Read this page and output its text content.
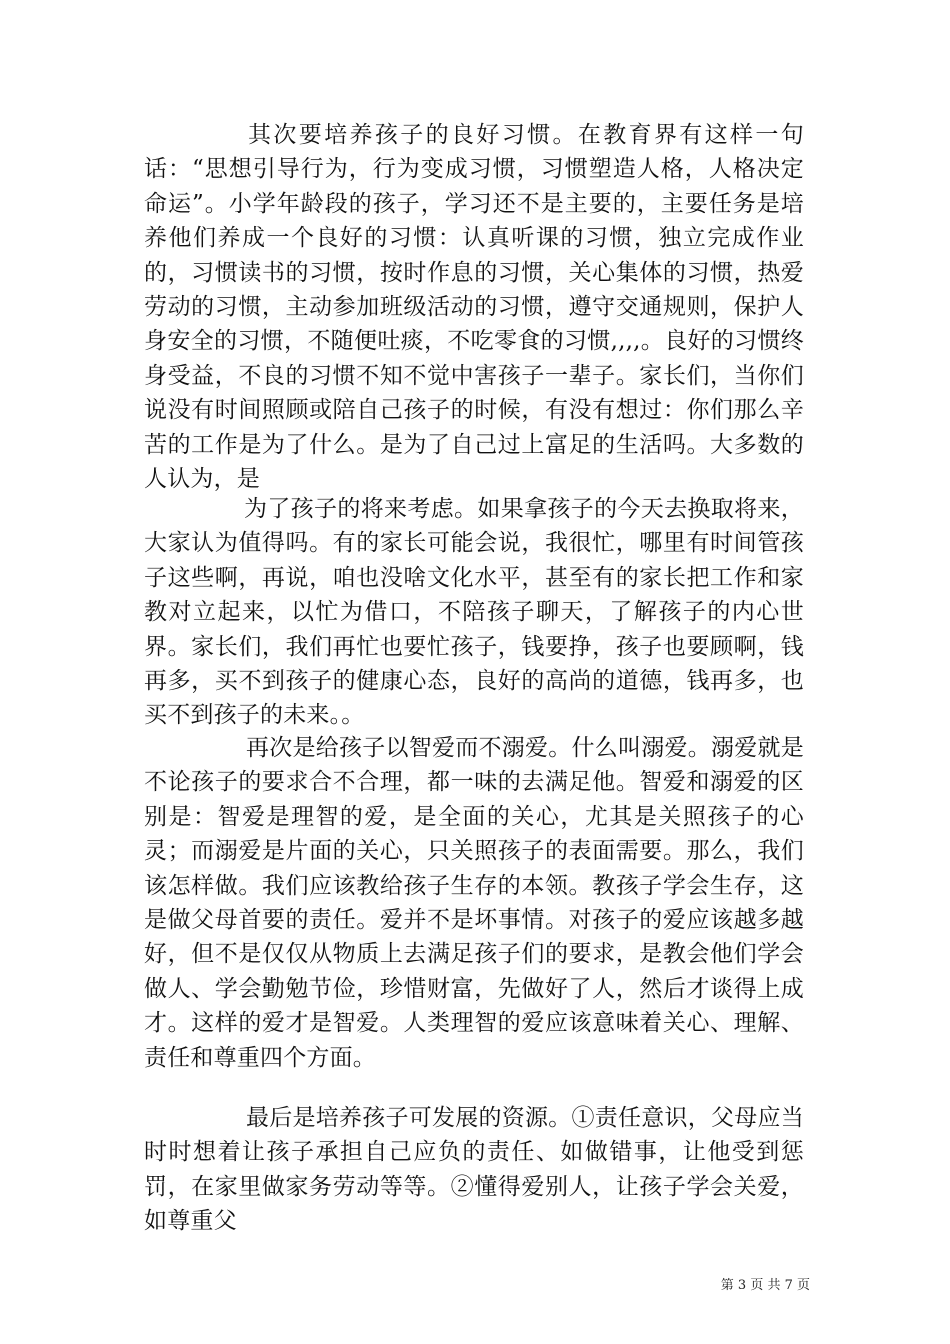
其次要培养孩子的良好习惯。在教育界有这样一句话：“思想引导行为，行为变成习惯，习惯塑造人格，人格决定命运”。小学年龄段的孩子，学习还不是主要的，主要任务是培养他们养成一个良好的习惯：认真听课的习惯，独立完成作业的，习惯读书的习惯，按时作息的习惯，关心集体的习惯，热爱劳动的习惯，主动参加班级活动的习惯，遵守交通规则，保护人身安全的习惯，不随便吐痰，不吃零食的习惯,,,,。良好的习惯终身受益，不良的习惯不知不觉中害孩子一辈子。家长们，当你们说没有时间照顾或陪自己孩子的时候，有没有想过：你们那么辛苦的工作是为了什么。是为了自己过上富足的生活吗。大多数的人认为，是

为了孩子的将来考虑。如果拿孩子的今天去换取将来，大家认为值得吗。有的家长可能会说，我很忙，哪里有时间管孩子这些啊，再说，咱也没啥文化水平，甚至有的家长把工作和家教对立起来，以忙为借口，不陪孩子聊天，了解孩子的内心世界。家长们，我们再忙也要忙孩子，钱要挣，孩子也要顾啊，钱再多，买不到孩子的健康心态，良好的高尚的道德，钱再多，也买不到孩子的未来。。

再次是给孩子以智爱而不溺爱。什么叫溺爱。溺爱就是不论孩子的要求合不合理，都一味的去满足他。智爱和溺爱的区别是：智爱是理智的爱，是全面的关心，尤其是关照孩子的心灵；而溺爱是片面的关心，只关照孩子的表面需要。那么，我们该怎样做。我们应该教给孩子生存的本领。教孩子学会生存，这是做父母首要的责任。爱并不是坏事情。对孩子的爱应该越多越好，但不是仅仅从物质上去满足孩子们的要求，是教会他们学会做人、学会勤勉节俭，珍惜财富，先做好了人，然后才谈得上成才。这样的爱才是智爱。人类理智的爱应该意味着关心、理解、责任和尊重四个方面。

最后是培养孩子可发展的资源。①责任意识，父母应当时时想着让孩子承担自己应负的责任、如做错事，让他受到惩罚，在家里做家务劳动等等。②懂得爱别人，让孩子学会关爱，如尊重父

第 3 页 共 7 页
